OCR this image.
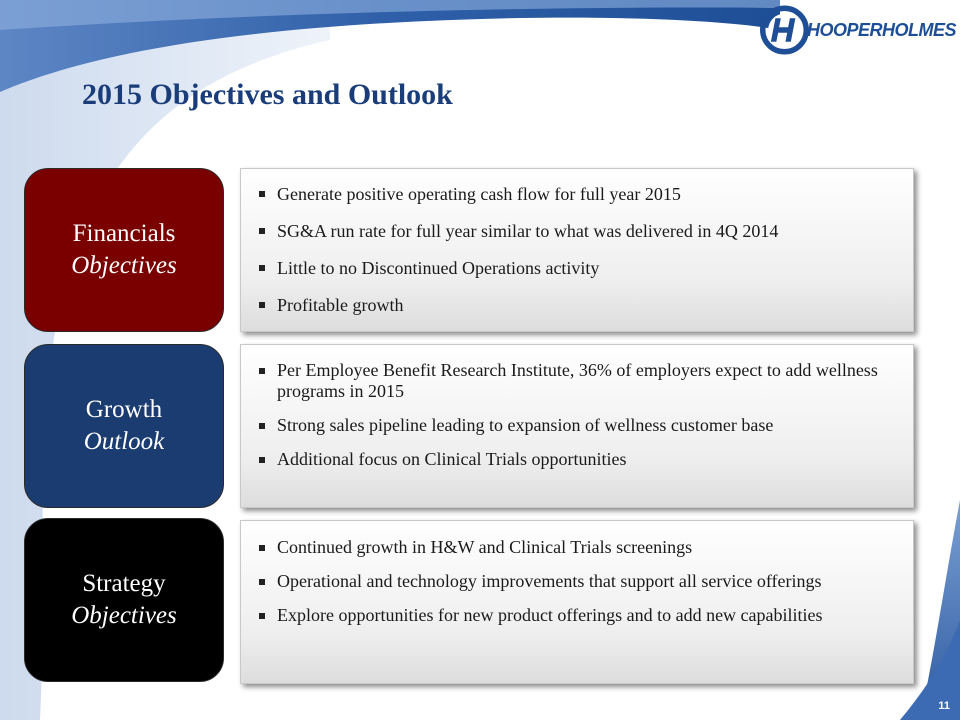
HOOPERHOLMES
2015 Objectives and Outlook
Financials
Objectives
Generate positive operating cash flow for full year 2015
SG&A run rate for full year similar to what was delivered in 4Q 2014
Little to no Discontinued Operations activity
Profitable growth
Growth
Outlook
Per Employee Benefit Research Institute, 36% of employers expect to add wellness programs in 2015
Strong sales pipeline leading to expansion of wellness customer base
Additional focus on Clinical Trials opportunities
Strategy
Objectives
Continued growth in H&W and Clinical Trials screenings
Operational and technology improvements that support all service offerings
Explore opportunities for new product offerings and to add new capabilities
11
